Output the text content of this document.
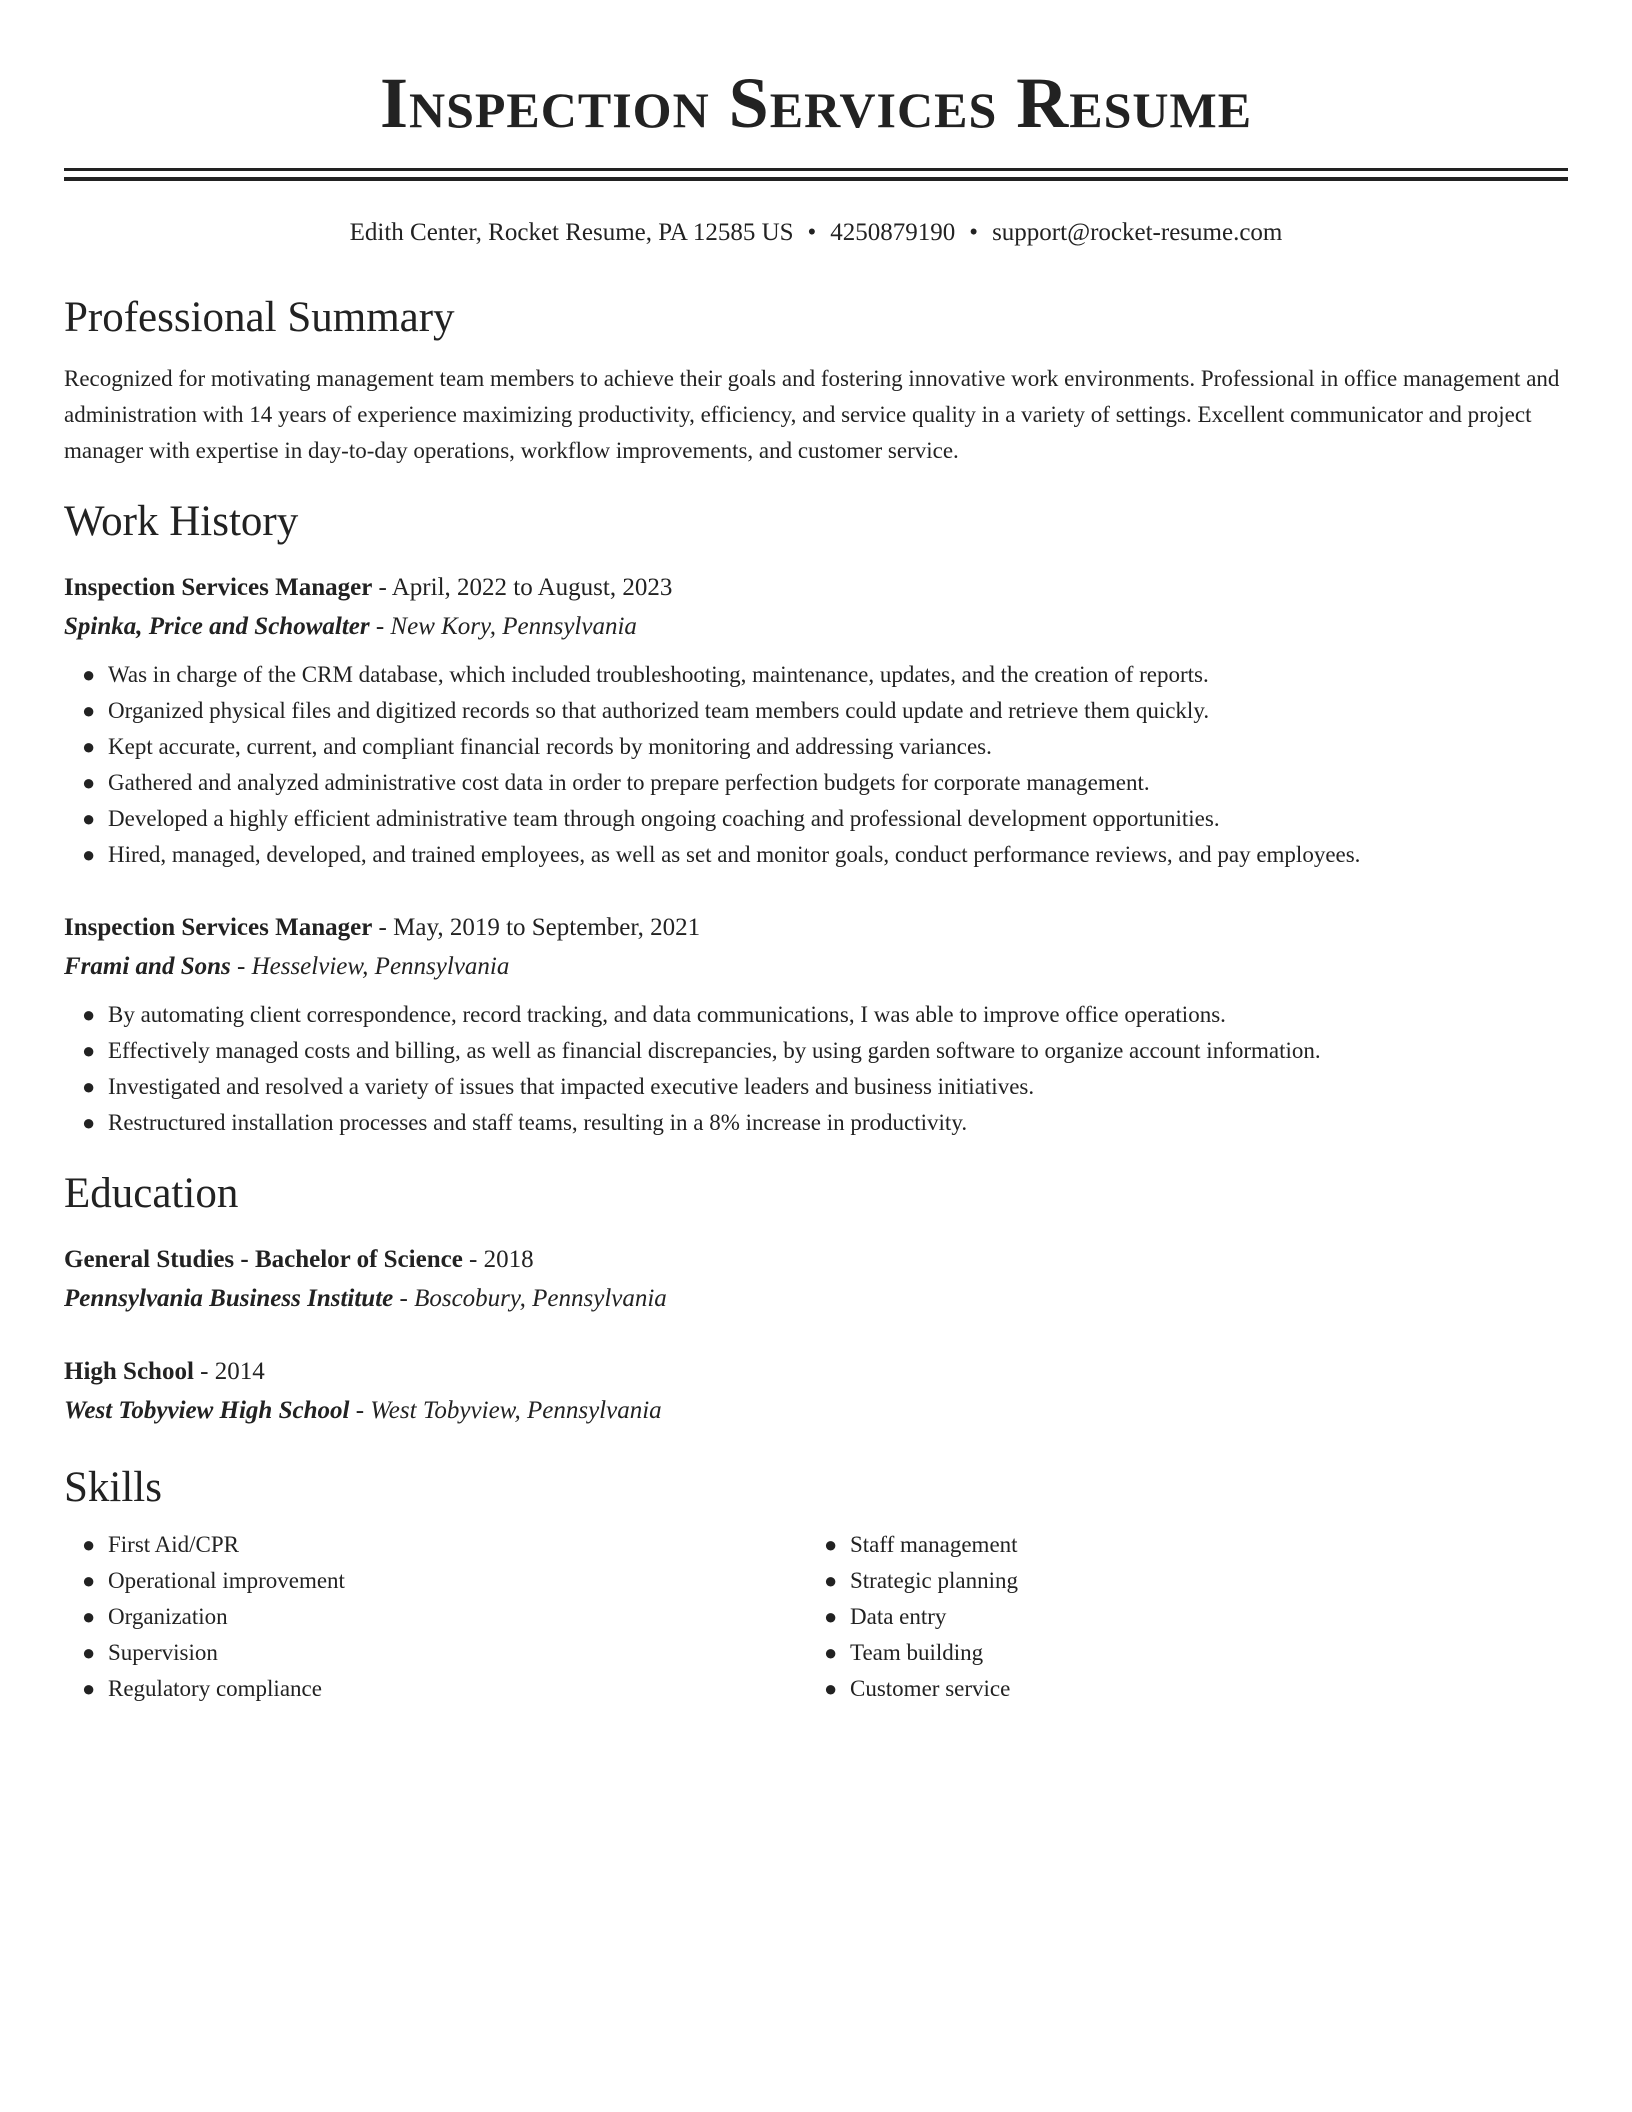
Inspection Services Resume
Edith Center, Rocket Resume, PA 12585 US • 4250879190 • support@rocket-resume.com
Professional Summary

Recognized for motivating management team members to achieve their goals and fostering innovative work environments. Professional in office management and administration with 14 years of experience maximizing productivity, efficiency, and service quality in a variety of settings. Excellent communicator and project manager with expertise in day-to-day operations, workflow improvements, and customer service.

Work History
Inspection Services Manager - April, 2022 to August, 2023
Spinka, Price and Schowalter - New Kory, Pennsylvania
● Was in charge of the CRM database, which included troubleshooting, maintenance, updates, and the creation of reports.
● Organized physical files and digitized records so that authorized team members could update and retrieve them quickly.
● Kept accurate, current, and compliant financial records by monitoring and addressing variances.
● Gathered and analyzed administrative cost data in order to prepare perfection budgets for corporate management.
● Developed a highly efficient administrative team through ongoing coaching and professional development opportunities.
● Hired, managed, developed, and trained employees, as well as set and monitor goals, conduct performance reviews, and pay employees.
Inspection Services Manager - May, 2019 to September, 2021
Frami and Sons - Hesselview, Pennsylvania
● By automating client correspondence, record tracking, and data communications, I was able to improve office operations.
● Effectively managed costs and billing, as well as financial discrepancies, by using garden software to organize account information.
● Investigated and resolved a variety of issues that impacted executive leaders and business initiatives.
● Restructured installation processes and staff teams, resulting in a 8% increase in productivity.
Education
General Studies - Bachelor of Science - 2018
Pennsylvania Business Institute - Boscobury, Pennsylvania
High School - 2014
West Tobyview High School - West Tobyview, Pennsylvania
Skills
● First Aid/CPR
● Operational improvement
● Organization
● Supervision
● Regulatory compliance
● Staff management
● Strategic planning
● Data entry
● Team building
● Customer service
